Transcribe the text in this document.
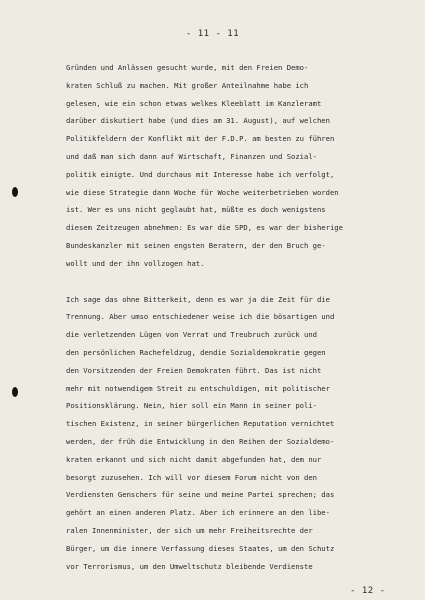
- 11 - 11
Gründen und Anlässen gesucht wurde, mit den Freien Demo-
kraten Schluß zu machen. Mit großer Anteilnahme habe ich
gelesen, wie ein schon etwas welkes Kleeblatt im Kanzleramt
darüber diskutiert habe (und dies am 31. August), auf welchen
Politikfeldern der Konflikt mit der F.D.P. am besten zu führen
und daß man sich dann auf Wirtschaft, Finanzen und Sozial-
politik einigte. Und durchaus mit Interesse habe ich verfolgt,
wie diese Strategie dann Woche für Woche weiterbetrieben worden
ist. Wer es uns nicht geglaubt hat, müßte es doch wenigstens
diesem Zeitzeugen abnehmen: Es war die SPD, es war der bisherige
Bundeskanzler mit seinen engsten Beratern, der den Bruch ge-
wollt und der ihn vollzogen hat.
Ich sage das ohne Bitterkeit, denn es war ja die Zeit für die
Trennung. Aber umso entschiedener weise ich die bösartigen und
die verletzenden Lügen von Verrat und Treubruch zurück und
den persönlichen Rachefeldzug, dendie Sozialdemokratie gegen
den Vorsitzenden der Freien Demokraten führt. Das ist nicht
mehr mit notwendigem Streit zu entschuldigen, mit politischer
Positionsklärung. Nein, hier soll ein Mann in seiner poli-
tischen Existenz, in seiner bürgerlichen Reputation vernichtet
werden, der früh die Entwicklung in den Reihen der Sozialdemo-
kraten erkannt und sich nicht damit abgefunden hat, dem nur
besorgt zuzusehen. Ich will vor diesem Forum nicht von den
Verdiensten Genschers für seine und meine Partei sprechen; das
gehört an einen anderen Platz. Aber ich erinnere an den libe-
ralen Innenminister, der sich um mehr Freiheitsrechte der
Bürger, um die innere Verfassung dieses Staates, um den Schutz
vor Terrorismus, um den Umweltschutz bleibende Verdienste
- 12 -
